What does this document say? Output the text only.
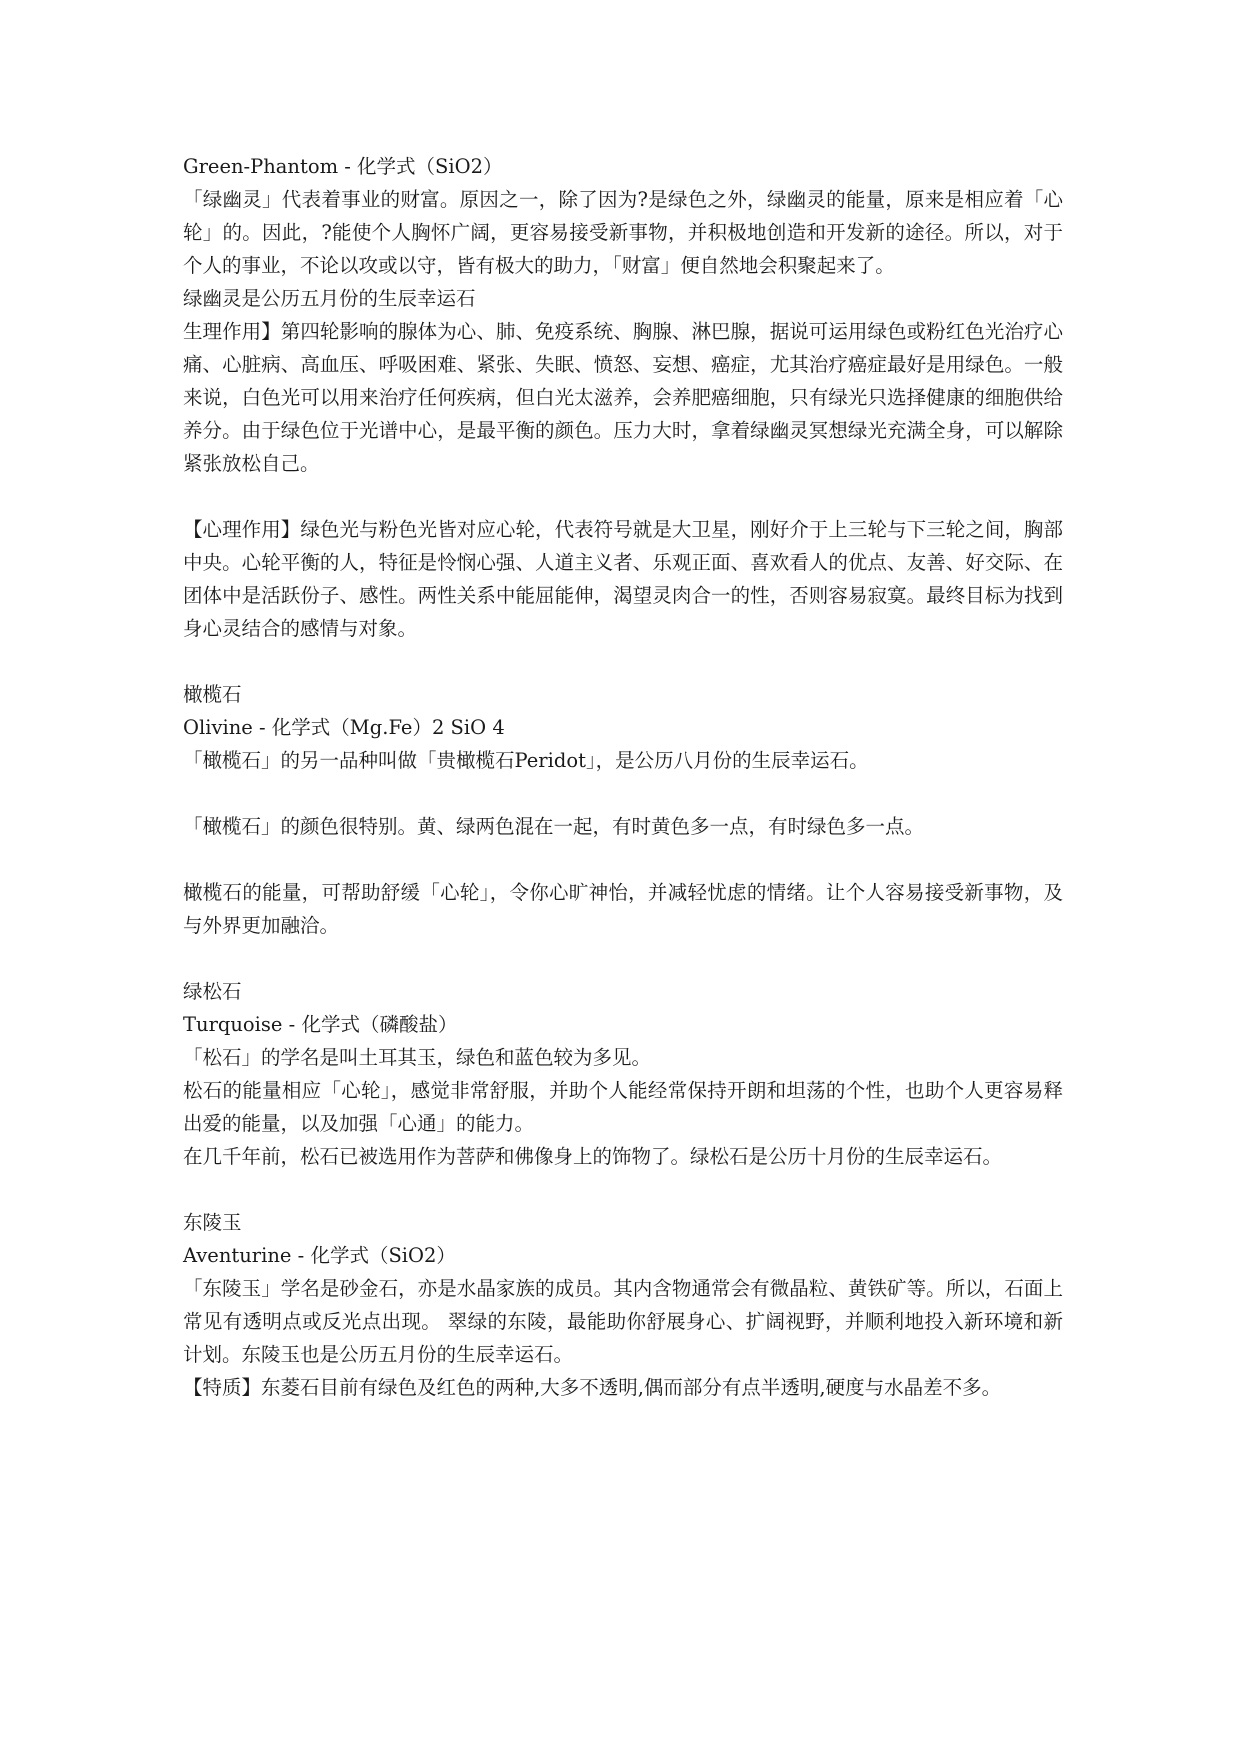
Green-Phantom - 化学式（SiO2）
「绿幽灵」代表着事业的财富。原因之一，除了因为?是绿色之外，绿幽灵的能量，原来是相应着「心轮」的。因此，?能使个人胸怀广阔，更容易接受新事物，并积极地创造和开发新的途径。所以，对于个人的事业，不论以攻或以守，皆有极大的助力，「财富」便自然地会积聚起来了。
绿幽灵是公历五月份的生辰幸运石
生理作用】第四轮影响的腺体为心、肺、免疫系统、胸腺、淋巴腺，据说可运用绿色或粉红色光治疗心痛、心脏病、高血压、呼吸困难、紧张、失眠、愤怒、妄想、癌症，尤其治疗癌症最好是用绿色。一般来说，白色光可以用来治疗任何疾病，但白光太滋养，会养肥癌细胞，只有绿光只选择健康的细胞供给养分。由于绿色位于光谱中心，是最平衡的颜色。压力大时，拿着绿幽灵冥想绿光充满全身，可以解除紧张放松自己。
【心理作用】绿色光与粉色光皆对应心轮，代表符号就是大卫星，刚好介于上三轮与下三轮之间，胸部中央。心轮平衡的人，特征是怜悯心强、人道主义者、乐观正面、喜欢看人的优点、友善、好交际、在团体中是活跃份子、感性。两性关系中能屈能伸，渴望灵肉合一的性，否则容易寂寞。最终目标为找到身心灵结合的感情与对象。
橄榄石
Olivine - 化学式（Mg.Fe）2 SiO 4
「橄榄石」的另一品种叫做「贵橄榄石Peridot」，是公历八月份的生辰幸运石。
「橄榄石」的颜色很特别。黄、绿两色混在一起，有时黄色多一点，有时绿色多一点。
橄榄石的能量，可帮助舒缓「心轮」，令你心旷神怡，并减轻忧虑的情绪。让个人容易接受新事物，及与外界更加融洽。
绿松石
Turquoise - 化学式（磷酸盐）
「松石」的学名是叫土耳其玉，绿色和蓝色较为多见。
松石的能量相应「心轮」，感觉非常舒服，并助个人能经常保持开朗和坦荡的个性，也助个人更容易释出爱的能量，以及加强「心通」的能力。
在几千年前，松石已被选用作为菩萨和佛像身上的饰物了。绿松石是公历十月份的生辰幸运石。
东陵玉
Aventurine - 化学式（SiO2）
「东陵玉」学名是砂金石，亦是水晶家族的成员。其内含物通常会有微晶粒、黄铁矿等。所以，石面上常见有透明点或反光点出现。 翠绿的东陵，最能助你舒展身心、扩阔视野，并顺利地投入新环境和新计划。东陵玉也是公历五月份的生辰幸运石。
【特质】东菱石目前有绿色及红色的两种,大多不透明,偶而部分有点半透明,硬度与水晶差不多。
